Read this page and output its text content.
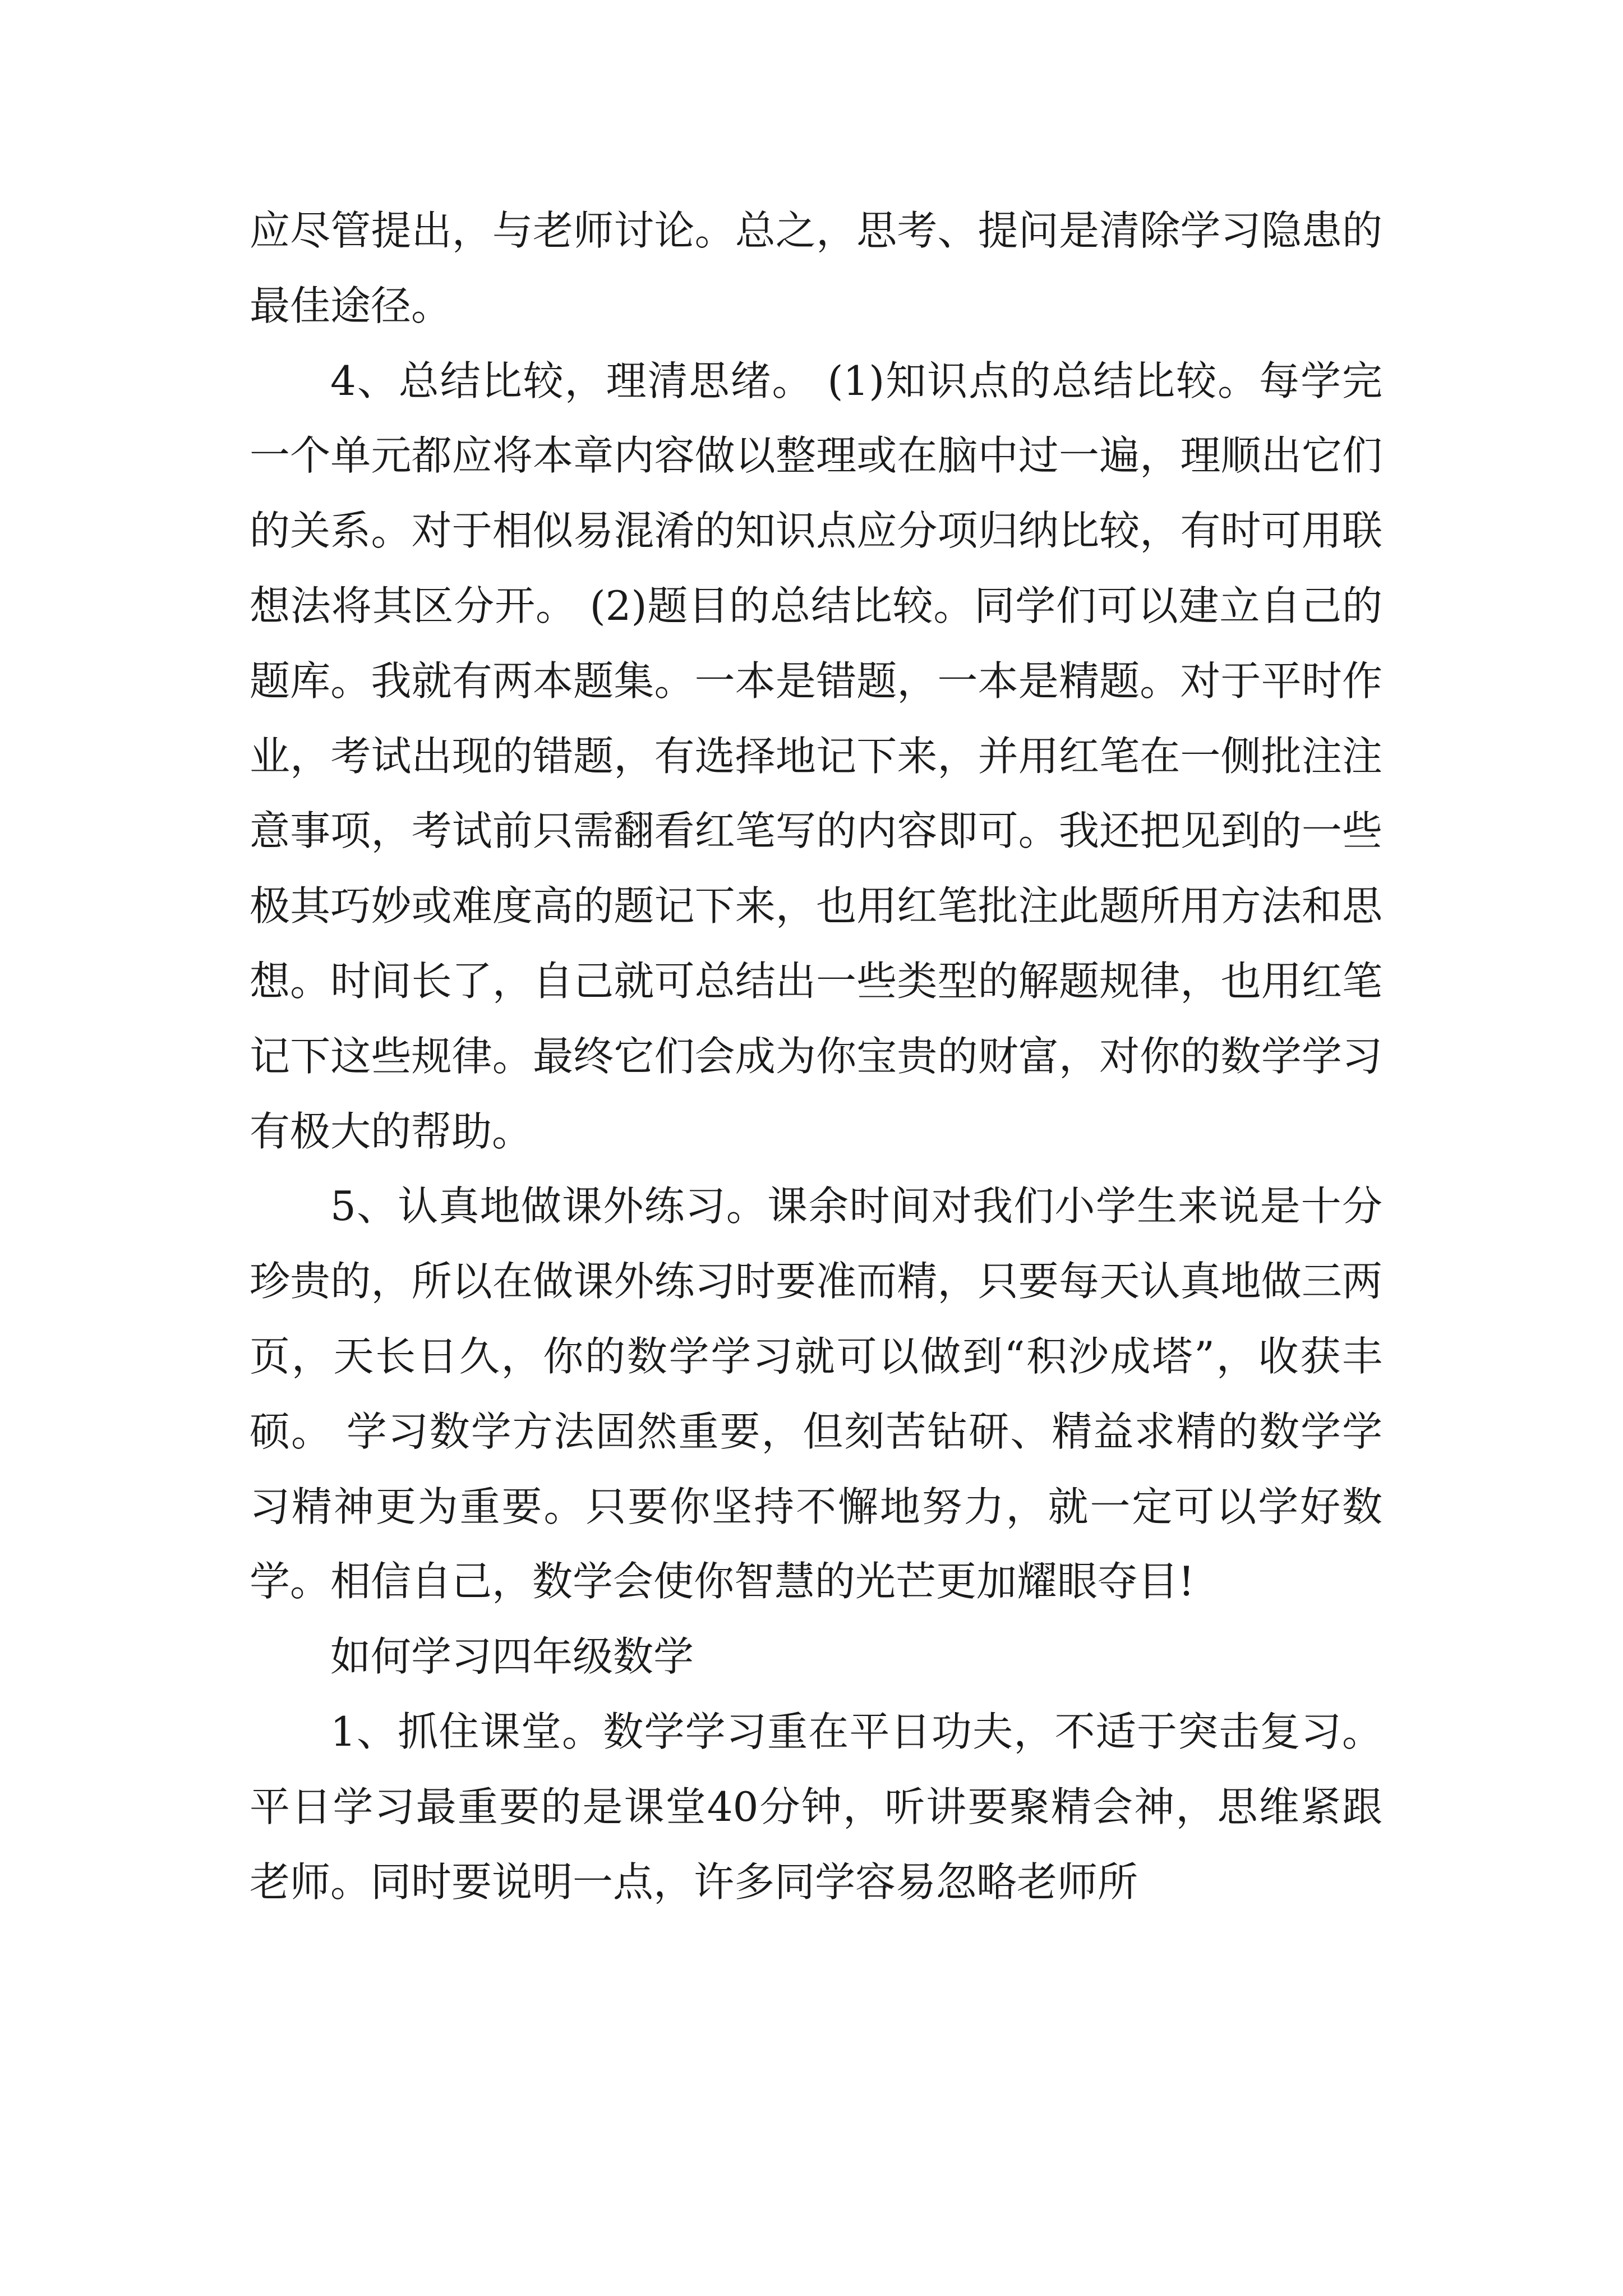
应尽管提出，与老师讨论。总之，思考、提问是清除学习隐患的最佳途径。

4、总结比较，理清思绪。 (1)知识点的总结比较。每学完一个单元都应将本章内容做以整理或在脑中过一遍，理顺出它们的关系。对于相似易混淆的知识点应分项归纳比较，有时可用联想法将其区分开。 (2)题目的总结比较。同学们可以建立自己的题库。我就有两本题集。一本是错题，一本是精题。对于平时作业，考试出现的错题，有选择地记下来，并用红笔在一侧批注注意事项，考试前只需翻看红笔写的内容即可。我还把见到的一些极其巧妙或难度高的题记下来，也用红笔批注此题所用方法和思想。时间长了，自己就可总结出一些类型的解题规律，也用红笔记下这些规律。最终它们会成为你宝贵的财富，对你的数学学习有极大的帮助。

5、认真地做课外练习。课余时间对我们小学生来说是十分珍贵的，所以在做课外练习时要准而精，只要每天认真地做三两页，天长日久，你的数学学习就可以做到“积沙成塔”，收获丰硕。 学习数学方法固然重要，但刻苦钻研、精益求精的数学学习精神更为重要。只要你坚持不懈地努力，就一定可以学好数学。相信自己，数学会使你智慧的光芒更加耀眼夺目!

如何学习四年级数学

1、抓住课堂。数学学习重在平日功夫，不适于突击复习。平日学习最重要的是课堂40分钟，听讲要聚精会神，思维紧跟老师。同时要说明一点，许多同学容易忽略老师所
